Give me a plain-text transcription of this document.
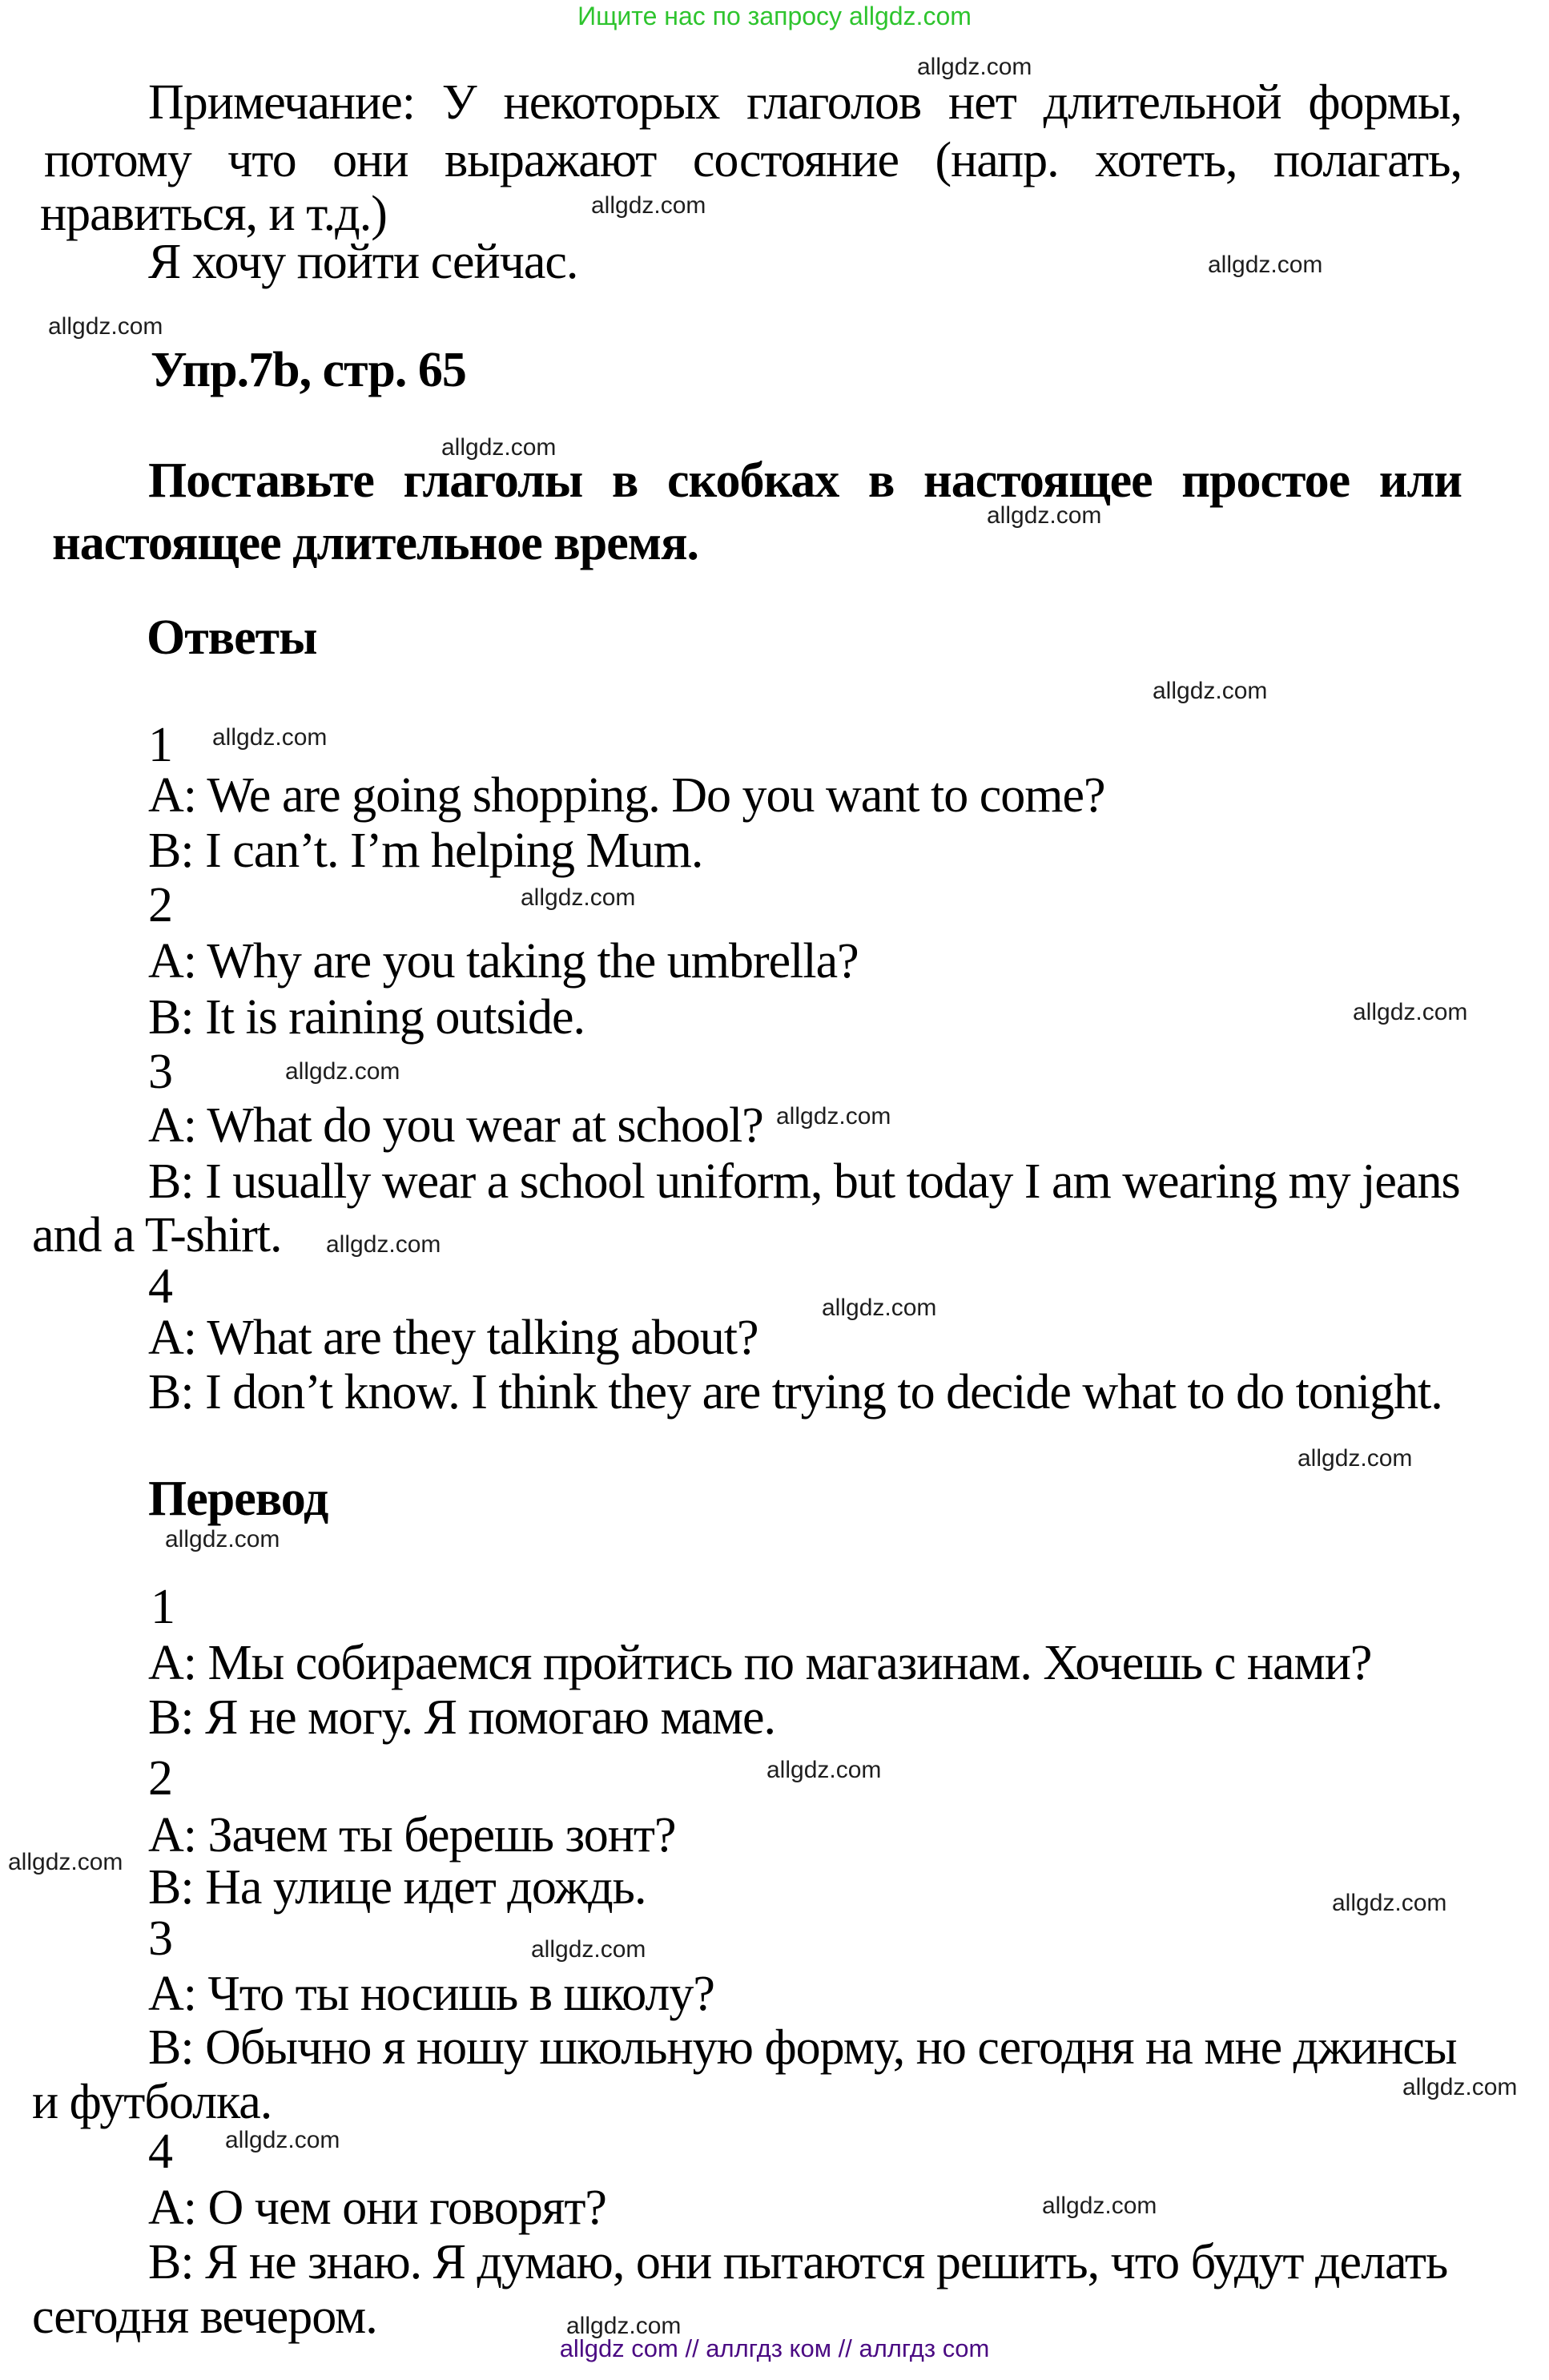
Ищите нас по запросу allgdz.com
allgdz.com
allgdz.com
allgdz.com
allgdz.com
allgdz.com
allgdz.com
allgdz.com
allgdz.com
allgdz.com
allgdz.com
allgdz.com
allgdz.com
allgdz.com
allgdz.com
allgdz.com
allgdz.com
allgdz.com
allgdz.com
allgdz.com
allgdz.com
allgdz.com
allgdz.com
allgdz.com
allgdz.com
Примечание: У некоторых глаголов нет длительной формы,
потому что они выражают состояние (напр. хотеть, полагать,
нравиться, и т.д.)
Я хочу пойти сейчас.
Упр.7b, стр. 65
Поставьте глаголы в скобках в настоящее простое или
настоящее длительное время.
Ответы
1
A: We are going shopping. Do you want to come?
B: I can’t. I’m helping Mum.
2
A: Why are you taking the umbrella?
B: It is raining outside.
3
A: What do you wear at school?
B: I usually wear a school uniform, but today I am wearing my jeans
and a T-shirt.
4
A: What are they talking about?
B: I don’t know. I think they are trying to decide what to do tonight.
Перевод
1
А: Мы собираемся пройтись по магазинам. Хочешь с нами?
В: Я не могу. Я помогаю маме.
2
А: Зачем ты берешь зонт?
В: На улице идет дождь.
3
А: Что ты носишь в школу?
В: Обычно я ношу школьную форму, но сегодня на мне джинсы
и футболка.
4
А: О чем они говорят?
В: Я не знаю. Я думаю, они пытаются решить, что будут делать
сегодня вечером.
allgdz com // аллгдз ком // аллгдз com
